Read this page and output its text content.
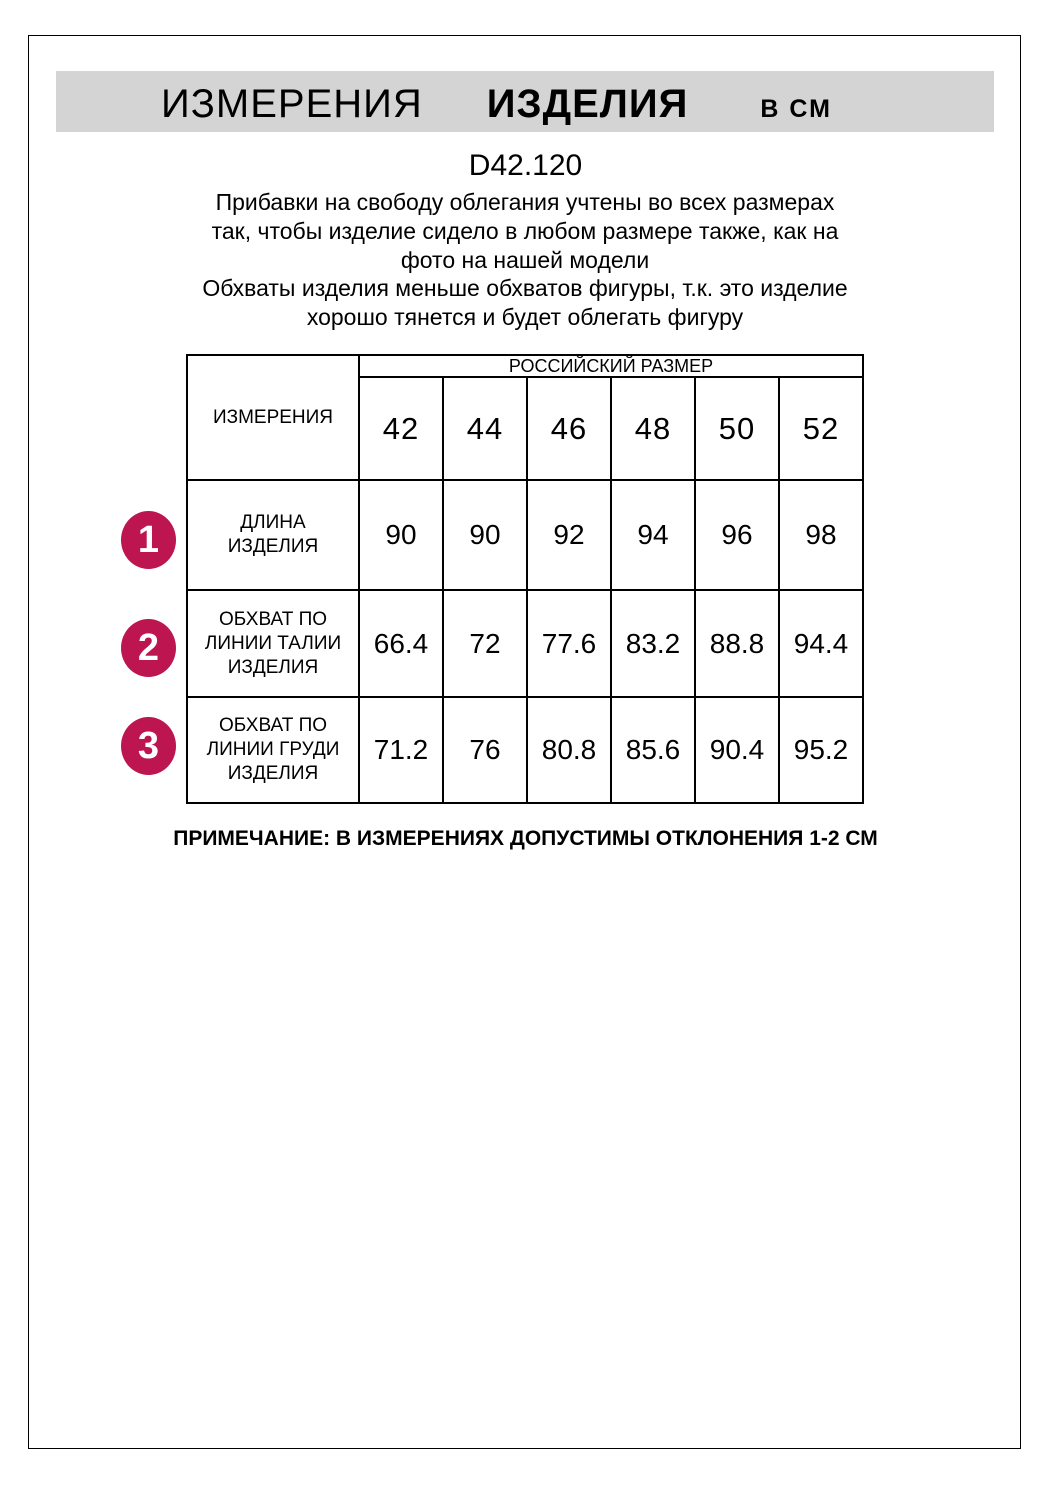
ИЗМЕРЕНИЯ ИЗДЕЛИЯ	В СМ
D42.120
Прибавки на свободу облегания учтены во всех размерах
так, чтобы изделие сидело в любом размере также, как на
фото на нашей модели
Обхваты изделия меньше обхватов фигуры, т.к. это изделие
хорошо тянется и будет облегать фигуру
ИЗМЕРЕНИЯ	РОССИЙСКИЙ РАЗМЕР					
	42	44	46	48	50	52
ДЛИНА ИЗДЕЛИЯ	90	90	92	94	96	98
ОБХВАТ ПО ЛИНИИ ТАЛИИ ИЗДЕЛИЯ	66.4	72	77.6	83.2	88.8	94.4
ОБХВАТ ПО ЛИНИИ ГРУДИ ИЗДЕЛИЯ	71.2	76	80.8	85.6	90.4	95.2
ПРИМЕЧАНИЕ: В ИЗМЕРЕНИЯХ ДОПУСТИМЫ ОТКЛОНЕНИЯ 1-2 СМ
1
2
3
